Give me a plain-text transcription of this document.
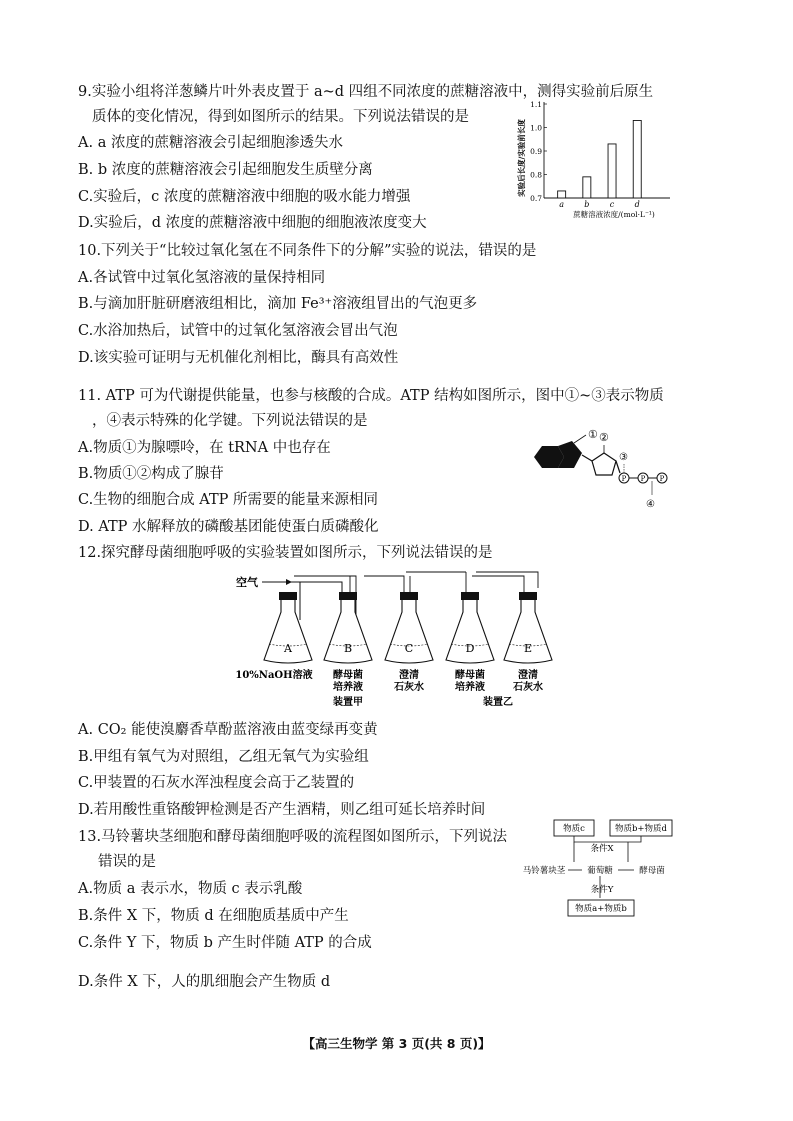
9.实验小组将洋葱鳞片叶外表皮置于 a~d 四组不同浓度的蔗糖溶液中，测得实验前后原生
质体的变化情况，得到如图所示的结果。下列说法错误的是
A. a 浓度的蔗糖溶液会引起细胞渗透失水
B. b 浓度的蔗糖溶液会引起细胞发生质壁分离
C.实验后，c 浓度的蔗糖溶液中细胞的吸水能力增强
D.实验后，d 浓度的蔗糖溶液中细胞的细胞液浓度变大
实验后长度/实验前长度
0.7
0.8
0.9
1.0
1.1
a	b	c	d
蔗糖溶液浓度/(mol·L⁻¹)
10.下列关于“比较过氧化氢在不同条件下的分解”实验的说法，错误的是
A.各试管中过氧化氢溶液的量保持相同
B.与滴加肝脏研磨液组相比，滴加 Fe³⁺溶液组冒出的气泡更多
C.水浴加热后，试管中的过氧化氢溶液会冒出气泡
D.该实验可证明与无机催化剂相比，酶具有高效性
11. ATP 可为代谢提供能量，也参与核酸的合成。ATP 结构如图所示，图中①~③表示物质
，④表示特殊的化学键。下列说法错误的是
A.物质①为腺嘌呤，在 tRNA 中也存在
B.物质①②构成了腺苷
C.生物的细胞合成 ATP 所需要的能量来源相同
D. ATP 水解释放的磷酸基团能使蛋白质磷酸化
① ②
P
③
P P
④
12.探究酵母菌细胞呼吸的实验装置如图所示，下列说法错误的是
空气
A	B	C	D	E
10%NaOH溶液 酵母菌
培养液
澄清
石灰水
酵母菌
培养液
澄清
石灰水
装置甲	装置乙
A. CO₂ 能使溴麝香草酚蓝溶液由蓝变绿再变黄
B.甲组有氧气为对照组，乙组无氧气为实验组
C.甲装置的石灰水浑浊程度会高于乙装置的
D.若用酸性重铬酸钾检测是否产生酒精，则乙组可延长培养时间
13.马铃薯块茎细胞和酵母菌细胞呼吸的流程图如图所示，下列说法
错误的是
A.物质 a 表示水，物质 c 表示乳酸
B.条件 X 下，物质 d 在细胞质基质中产生
C.条件 Y 下，物质 b 产生时伴随 ATP 的合成
D.条件 X 下，人的肌细胞会产生物质 d
物质c	物质b+物质d
条件X
马铃薯块茎	葡萄糖	酵母菌
条件Y
物质a+物质b
【高三生物学 第 3 页(共 8 页)】
